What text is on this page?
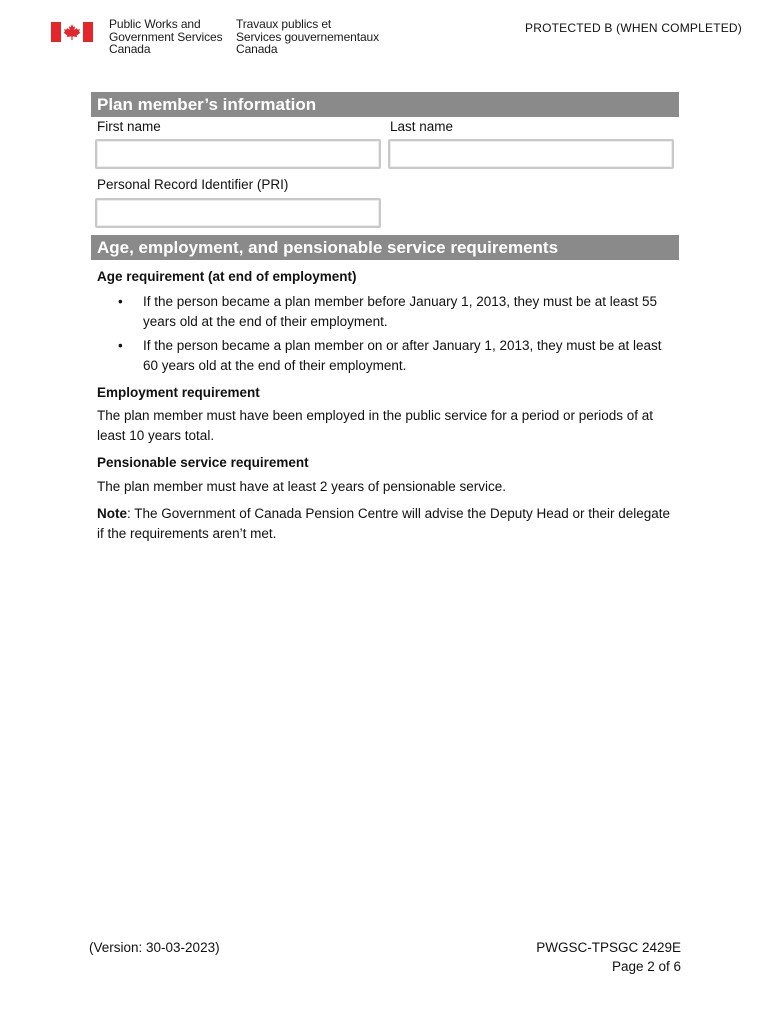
Public Works and
Government Services
Canada
Travaux publics et
Services gouvernementaux
Canada
PROTECTED B (WHEN COMPLETED)
Plan member’s information
First name	Last name
Personal Record Identifier (PRI)
Age, employment, and pensionable service requirements
Age requirement (at end of employment)
• If the person became a plan member before January 1, 2013, they must be at least 55 years old at the end of their employment.
• If the person became a plan member on or after January 1, 2013, they must be at least 60 years old at the end of their employment.
Employment requirement
The plan member must have been employed in the public service for a period or periods of at least 10 years total.
Pensionable service requirement
The plan member must have at least 2 years of pensionable service.
Note: The Government of Canada Pension Centre will advise the Deputy Head or their delegate if the requirements aren’t met.
(Version: 30-03-2023)	PWGSC-TPSGC 2429E
Page 2 of 6
